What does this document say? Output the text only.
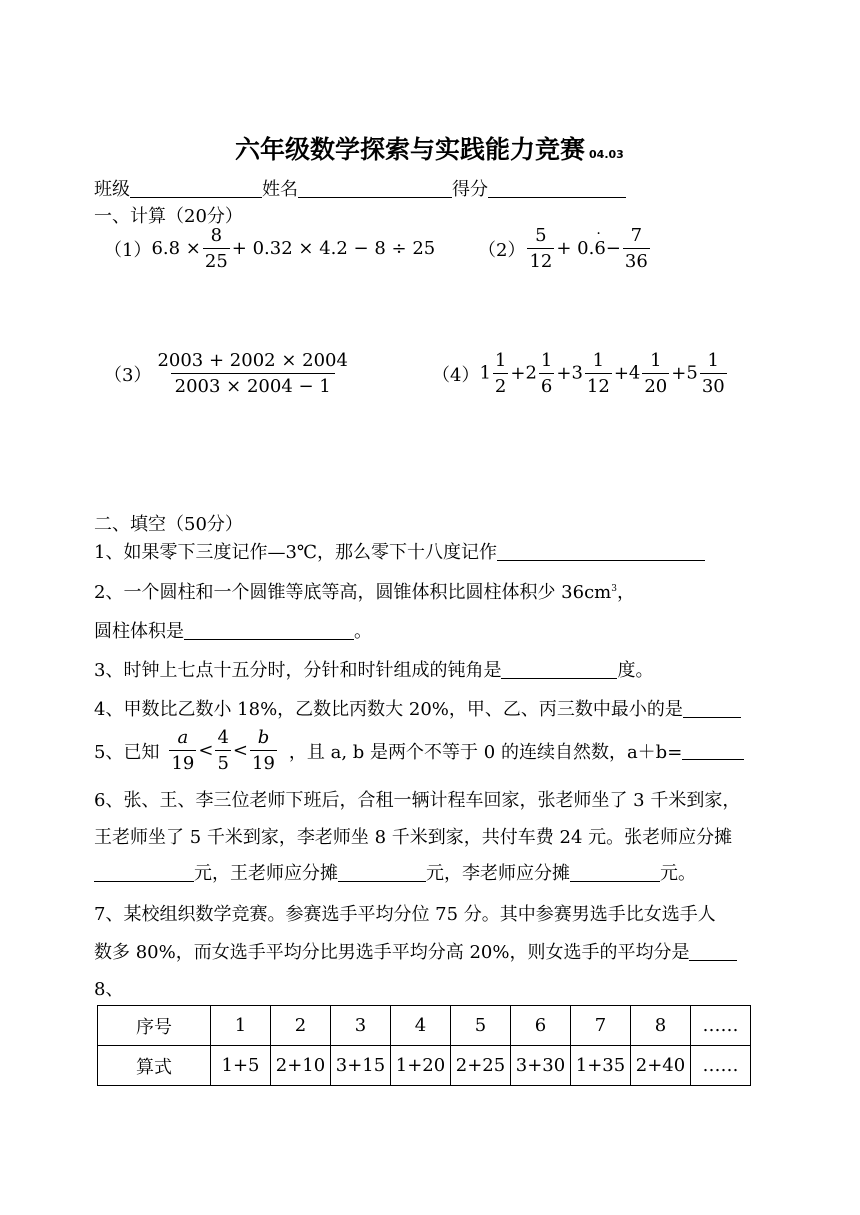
六年级数学探索与实践能力竞赛 04.03
班级	姓名	得分
一、计算（20分）
（1） $6.8 \times \frac{8}{25} + 0.32 \times 4.2 - 8 \div 25$ $(2) \frac{5}{12} + 0$. · $6 - \frac{7}{36}$
$(3) \frac{2003 + 2002 \times 2004}{2003 \times 2004 - 1}$	（4） $1 \frac{1}{2} + 2 \frac{1}{6} + 3 \frac{1}{12} + 4 \frac{1}{20} + 5 \frac{1}{30}$
二、填空（50分）
1、如果零下三度记作—3℃，那么零下十八度记作
2、一个圆柱和一个圆锥等底等高，圆锥体积比圆柱体积少 $36cm^3$，
圆柱体积是	。
3、时钟上七点十五分时，分针和时针组成的钝角是	度。
4、甲数比乙数小 18%，乙数比丙数大 20%，甲、乙、丙三数中最小的是
5、已知 $\frac{a}{19} < \frac{4}{5} < \frac{b}{19}$ ，且 a, b 是两个不等于 0 的连续自然数，a＋b=
6、张、王、李三位老师下班后，合租一辆计程车回家，张老师坐了 3 千米到家，
王老师坐了 5 千米到家，李老师坐 8 千米到家，共付车费 24 元。张老师应分摊
元，王老师应分摊	元，李老师应分摊	元。
7、某校组织数学竞赛。参赛选手平均分位 75 分。其中参赛男选手比女选手人
数多 80%，而女选手平均分比男选手平均分高 20%，则女选手的平均分是
8、
序号	1	2	3	4	5	6	7	8	……
算式	1+5	2+10	3+15	1+20	2+25	3+30	1+35	2+40	……
